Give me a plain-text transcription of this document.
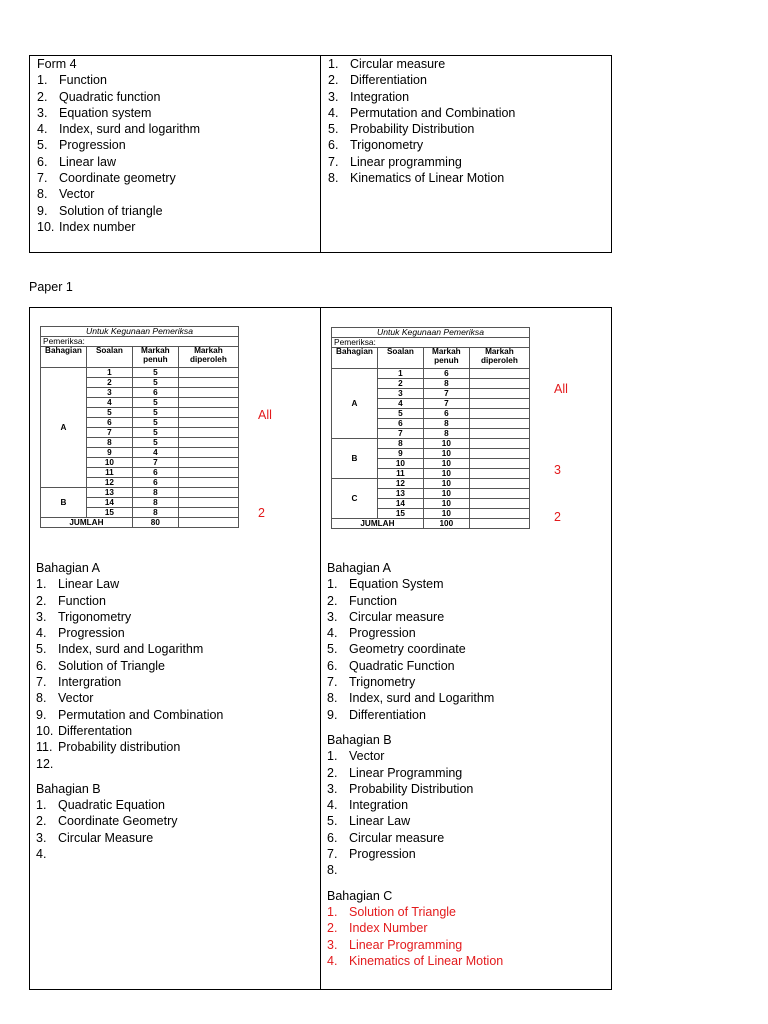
Form 4
1. Function
2. Quadratic function
3. Equation system
4. Index, surd and logarithm
5. Progression
6. Linear law
7. Coordinate geometry
8. Vector
9. Solution of triangle
10. Index number
1. Circular measure
2. Differentiation
3. Integration
4. Permutation and Combination
5. Probability Distribution
6. Trigonometry
7. Linear programming
8. Kinematics of Linear Motion
Paper 1
Untuk Kegunaan Pemeriksa			
Pemeriksa:			
Bahagian	Soalan	Markah penuh	Markah diperoleh
A	1	5	
	2	5	
	3	6	
	4	5	
	5	5	
	6	5	
	7	5	
	8	5	
	9	4	
	10	7	
	11	6	
	12	6	
B	13	8	
	14	8	
	15	8	
JUMLAH		80	
Untuk Kegunaan Pemeriksa			
Pemeriksa:			
Bahagian	Soalan	Markah penuh	Markah diperoleh
A	1	6	
	2	8	
	3	7	
	4	7	
	5	6	
	6	8	
	7	8	
B	8	10	
	9	10	
	10	10	
	11	10	
C	12	10	
	13	10	
	14	10	
	15	10	
JUMLAH		100	
All
2
All
3
2
Bahagian A
1. Linear Law
2. Function
3. Trigonometry
4. Progression
5. Index, surd and Logarithm
6. Solution of Triangle
7. Intergration
8. Vector
9. Permutation and Combination
10. Differentation
11. Probability distribution
12.
Bahagian B
1. Quadratic Equation
2. Coordinate Geometry
3. Circular Measure
4.
Bahagian A
1. Equation System
2. Function
3. Circular measure
4. Progression
5. Geometry coordinate
6. Quadratic Function
7. Trignometry
8. Index, surd and Logarithm
9. Differentiation
Bahagian B
1. Vector
2. Linear Programming
3. Probability Distribution
4. Integration
5. Linear Law
6. Circular measure
7. Progression
8.
Bahagian C
1. Solution of Triangle
2. Index Number
3. Linear Programming
4. Kinematics of Linear Motion
